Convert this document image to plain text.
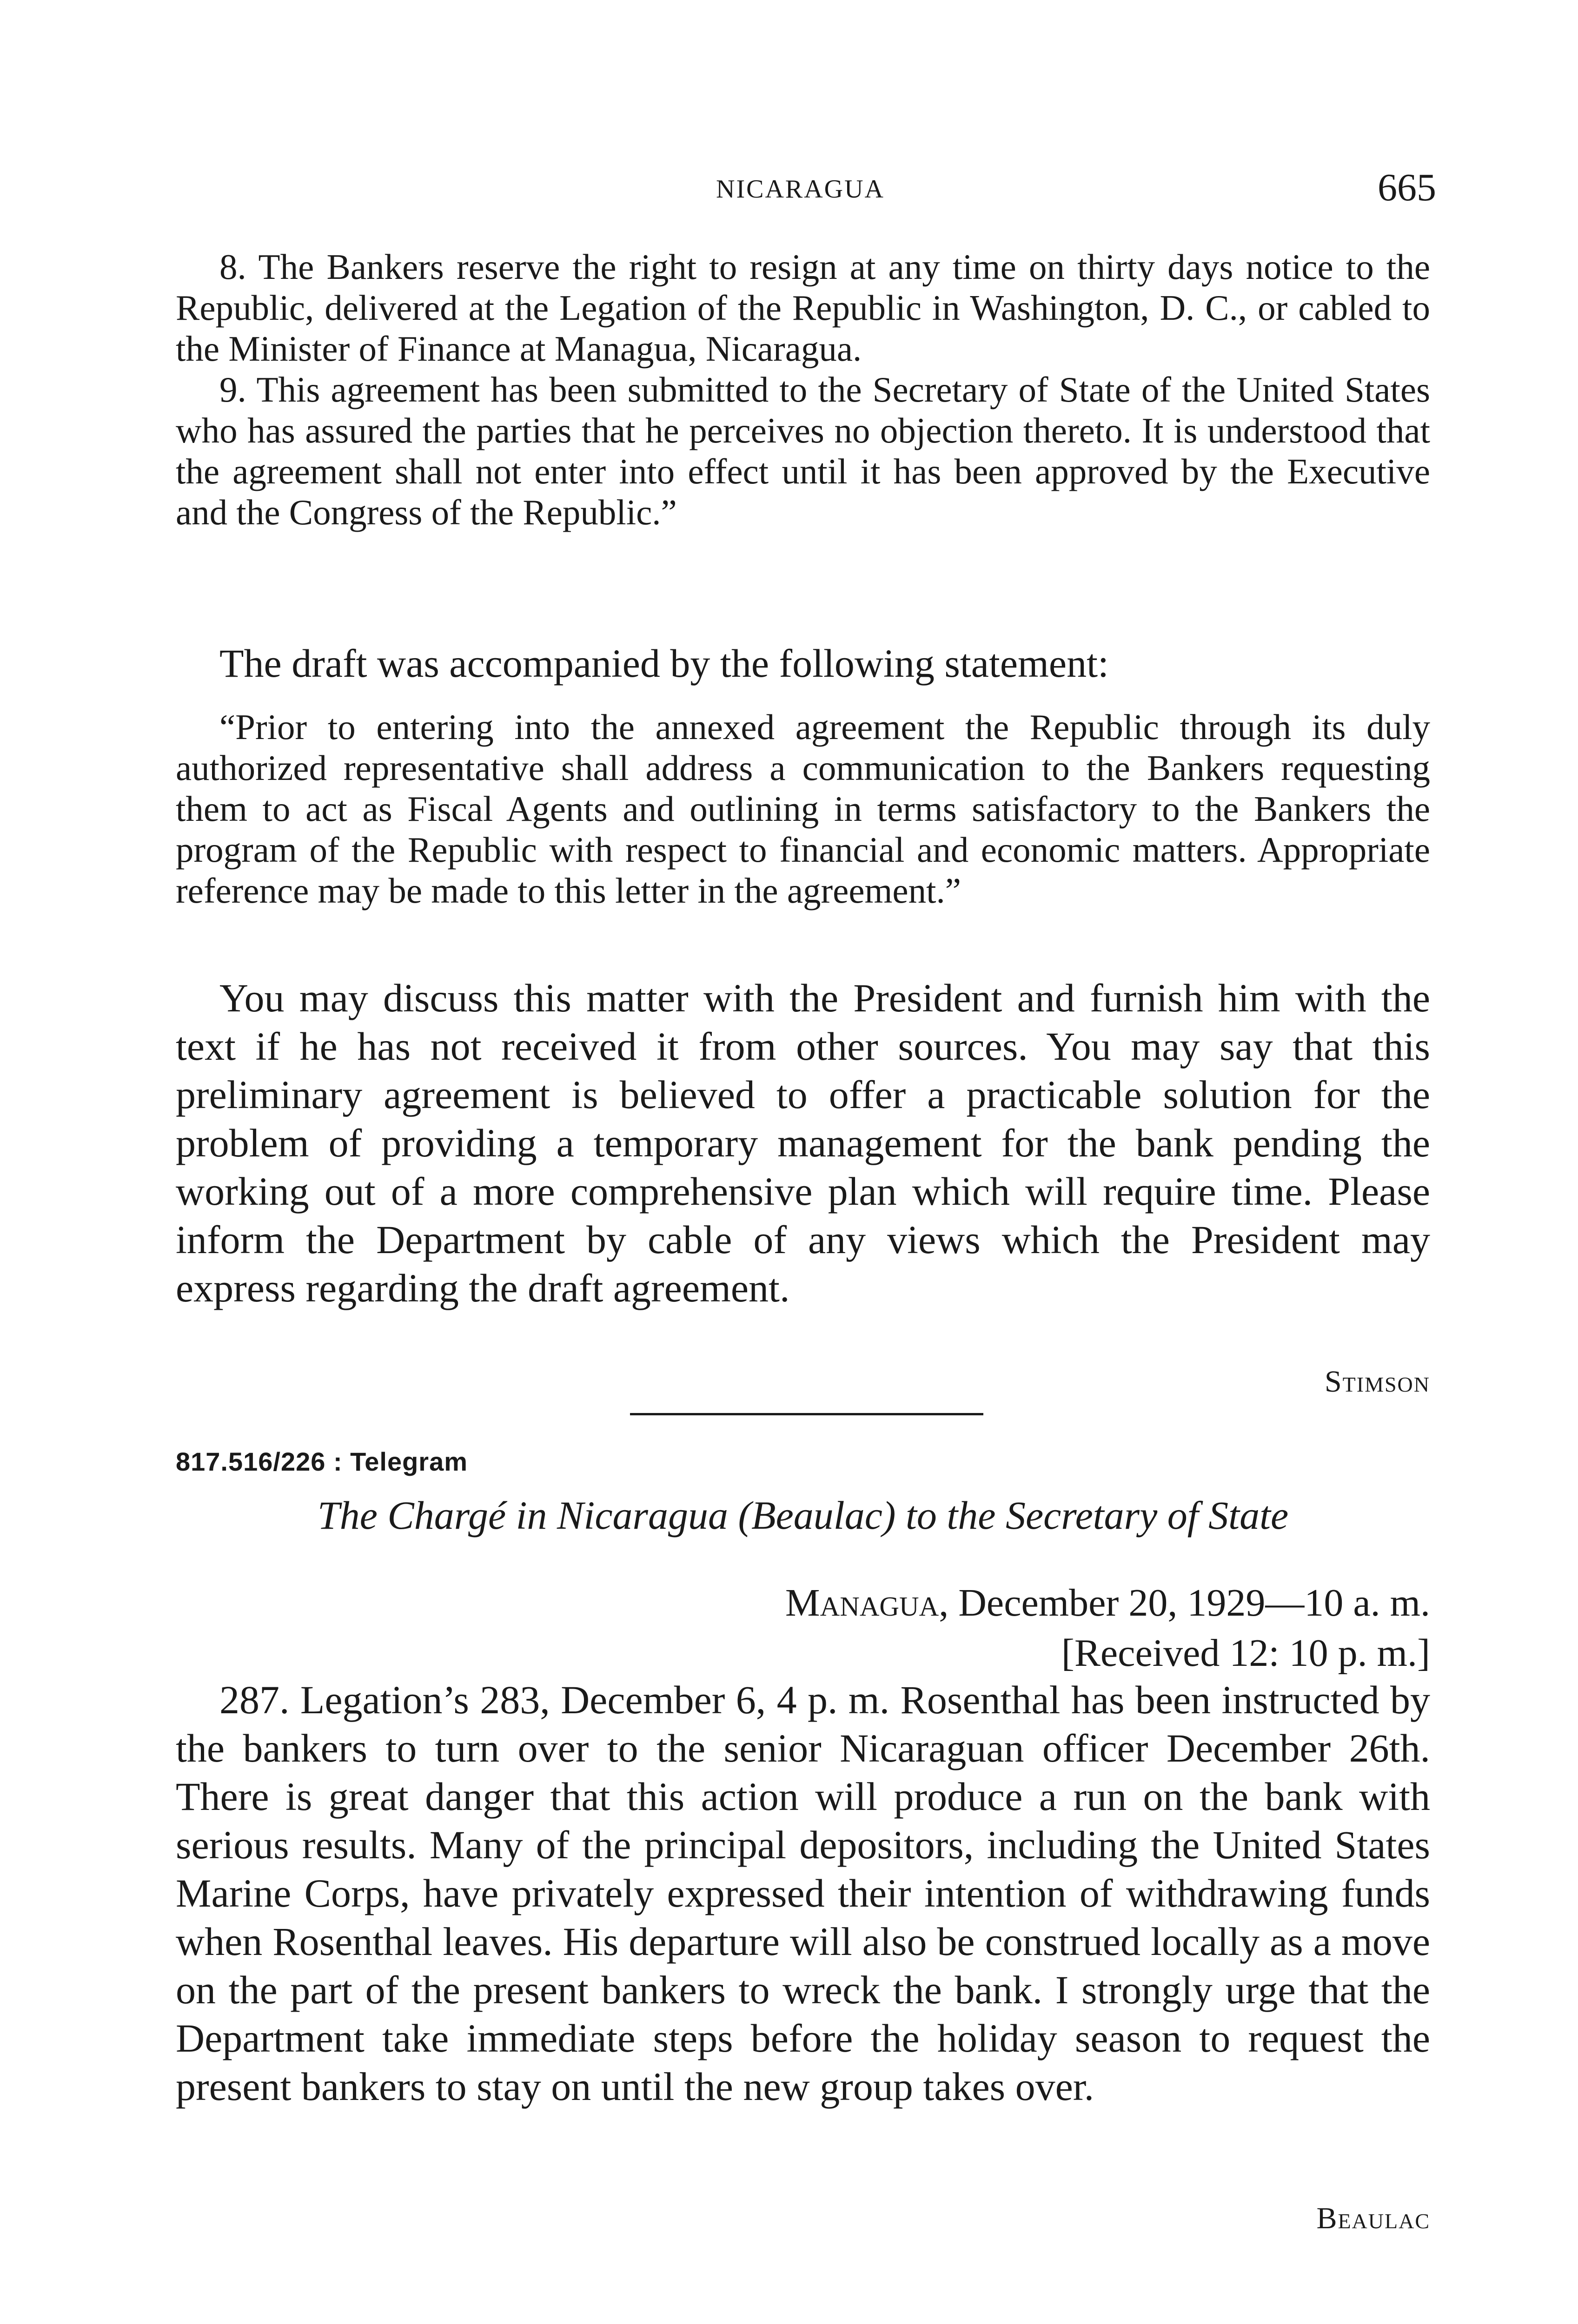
NICARAGUA	665

8. The Bankers reserve the right to resign at any time on thirty days notice to the Republic, delivered at the Legation of the Republic in Washington, D. C., or cabled to the Minister of Finance at Managua, Nicaragua.

9. This agreement has been submitted to the Secretary of State of the United States who has assured the parties that he perceives no objection thereto. It is understood that the agreement shall not enter into effect until it has been approved by the Executive and the Congress of the Republic.”

The draft was accompanied by the following statement:

“Prior to entering into the annexed agreement the Republic through its duly authorized representative shall address a communication to the Bankers requesting them to act as Fiscal Agents and outlining in terms satisfactory to the Bankers the program of the Republic with respect to financial and economic matters. Appropriate reference may be made to this letter in the agreement.”

You may discuss this matter with the President and furnish him with the text if he has not received it from other sources. You may say that this preliminary agreement is believed to offer a practicable solution for the problem of providing a temporary management for the bank pending the working out of a more comprehensive plan which will require time. Please inform the Department by cable of any views which the President may express regarding the draft agreement.

Stimson
817.516/226 : Telegram
The Chargé in Nicaragua (Beaulac) to the Secretary of State
Managua, December 20, 1929—10 a. m.
[Received 12: 10 p. m.]

287. Legation’s 283, December 6, 4 p. m. Rosenthal has been instructed by the bankers to turn over to the senior Nicaraguan officer December 26th. There is great danger that this action will produce a run on the bank with serious results. Many of the principal depositors, including the United States Marine Corps, have privately expressed their intention of withdrawing funds when Rosenthal leaves. His departure will also be construed locally as a move on the part of the present bankers to wreck the bank. I strongly urge that the Department take immediate steps before the holiday season to request the present bankers to stay on until the new group takes over.

Beaulac
